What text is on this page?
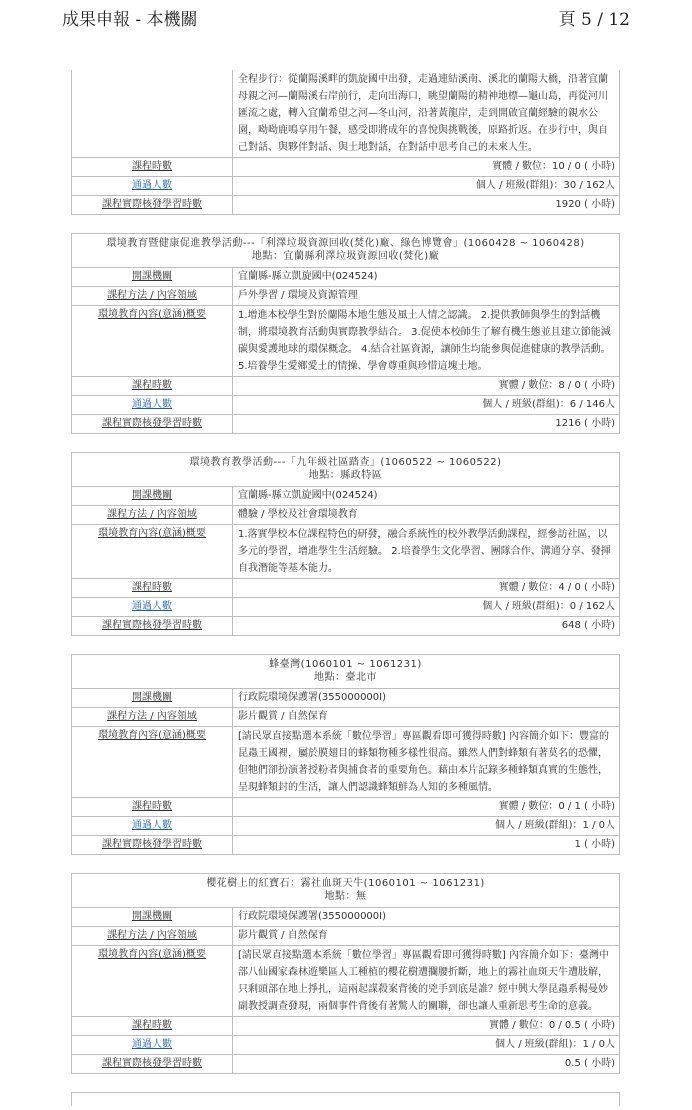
成果申報 - 本機關	頁 5 / 12
	全程步行：從蘭陽溪畔的凱旋國中出發，走過連結溪南、溪北的蘭陽大橋，沿著宜蘭母親之河—蘭陽溪右岸前行，走向出海口，眺望蘭陽的精神地標—龜山島，再從河川匯流之處，轉入宜蘭希望之河—冬山河，沿著黃龍岸，走到開啟宜蘭經驗的親水公園，呦呦鹿鳴享用午餐，感受即將成年的喜悅與挑戰後，原路折返。在步行中，與自己對話、與夥伴對話、與土地對話，在對話中思考自己的未來人生。
課程時數	實體 / 數位：10 / 0 ( 小時)
通過人數	個人 / 班級(群組)：30 / 162人
課程實際核發學習時數	1920 ( 小時)
環境教育暨健康促進教學活動---「利澤垃圾資源回收(焚化)廠、綠色博覽會」(1060428 ~ 1060428)
地點：宜蘭縣利澤垃圾資源回收(焚化)廠
開課機關	宜蘭縣-縣立凱旋國中(024524)
課程方法 / 內容領域	戶外學習 / 環境及資源管理
環境教育內容(意涵)概要	1.增進本校學生對於蘭陽本地生態及風土人情之認識。 2.提供教師與學生的對話機制，將環境教育活動與實際教學結合。 3.促使本校師生了解有機生態並且建立節能減碳與愛護地球的環保概念。 4.結合社區資源，讓師生均能參與促進健康的教學活動。 5.培養學生愛鄉愛土的情操、學會尊重與珍惜這塊土地。
課程時數	實體 / 數位：8 / 0 ( 小時)
通過人數	個人 / 班級(群組)：6 / 146人
課程實際核發學習時數	1216 ( 小時)
環境教育教學活動---「九年級社區踏查」(1060522 ~ 1060522)
地點：縣政特區
開課機關	宜蘭縣-縣立凱旋國中(024524)
課程方法 / 內容領域	體驗 / 學校及社會環境教育
環境教育內容(意涵)概要	1.落實學校本位課程特色的研發，融合系統性的校外教學活動課程，經參訪社區，以多元的學習，增進學生生活經驗。 2.培養學生文化學習、團隊合作、溝通分享、發揮自我潛能等基本能力。
課程時數	實體 / 數位：4 / 0 ( 小時)
通過人數	個人 / 班級(群組)：0 / 162人
課程實際核發學習時數	648 ( 小時)
蜂臺灣(1060101 ~ 1061231)
地點：臺北市
開課機關	行政院環境保護署(355000000I)
課程方法 / 內容領域	影片觀賞 / 自然保育
環境教育內容(意涵)概要	[請民眾直接點選本系統「數位學習」專區觀看即可獲得時數] 內容簡介如下：豐富的昆蟲王國裡，屬於膜翅目的蜂類物種多樣性很高。雖然人們對蜂類有著莫名的恐懼，但牠們卻扮演著授粉者與捕食者的重要角色。藉由本片記錄多種蜂類真實的生態性，呈現蜂類封的生活，讓人們認識蜂類鮮為人知的多種風情。
課程時數	實體 / 數位：0 / 1 ( 小時)
通過人數	個人 / 班級(群組)：1 / 0人
課程實際核發學習時數	1 ( 小時)
櫻花樹上的紅寶石：霧社血斑天牛(1060101 ~ 1061231)
地點：無
開課機關	行政院環境保護署(355000000I)
課程方法 / 內容領域	影片觀賞 / 自然保育
環境教育內容(意涵)概要	[請民眾直接點選本系統「數位學習」專區觀看即可獲得時數] 內容簡介如下：臺灣中部八仙國家森林遊樂區人工種植的櫻花樹遭攔腰折斷，地上的霧社血斑天牛遭肢解，只剩頭部在地上掙扎，這兩起謀殺案背後的兇手到底是誰？經中興大學昆蟲系楊曼妙副教授調查發現，兩個事件背後有著驚人的關聯，卻也讓人重新思考生命的意義。
課程時數	實體 / 數位：0 / 0.5 ( 小時)
通過人數	個人 / 班級(群組)：1 / 0人
課程實際核發學習時數	0.5 ( 小時)
